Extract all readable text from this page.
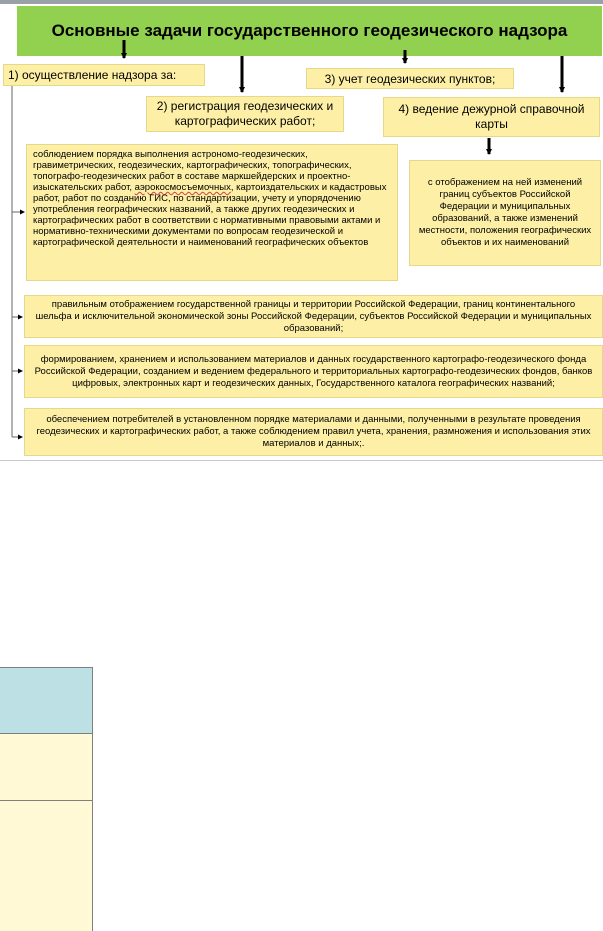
Основные задачи государственного геодезического надзора
1) осуществление надзора за:
2) регистрация геодезических и картографических работ;
3) учет геодезических пунктов;
4) ведение дежурной справочной карты
соблюдением порядка выполнения астрономо-геодезических, гравиметрических, геодезических, картографических, топографических, топографо-геодезических работ в составе маркшейдерских и проектно-изыскательских работ, аэрокосмосъемочных, картоиздательских и кадастровых работ, работ по созданию ГИС, по стандартизации, учету и упорядочению употребления географических названий, а также других геодезических и картографических работ в соответствии с нормативными правовыми актами и нормативно-техническими документами по вопросам геодезической и картографической деятельности и наименований географических объектов
с отображением на ней изменений границ субъектов Российской Федерации и муниципальных образований, а также изменений местности, положения географических объектов и их наименований
правильным отображением государственной границы и территории Российской Федерации, границ континентального шельфа и исключительной экономической зоны Российской Федерации, субъектов Российской Федерации и муниципальных образований;
формированием, хранением и использованием материалов и данных государственного картографо-геодезического фонда Российской Федерации, созданием и ведением федерального и территориальных картографо-геодезических фондов, банков цифровых, электронных карт и геодезических данных, Государственного каталога географических названий;
обеспечением потребителей в установленном порядке материалами и данными, полученными в результате проведения геодезических и картографических работ, а также соблюдением правил учета, хранения, размножения и использования этих материалов и данных;.
